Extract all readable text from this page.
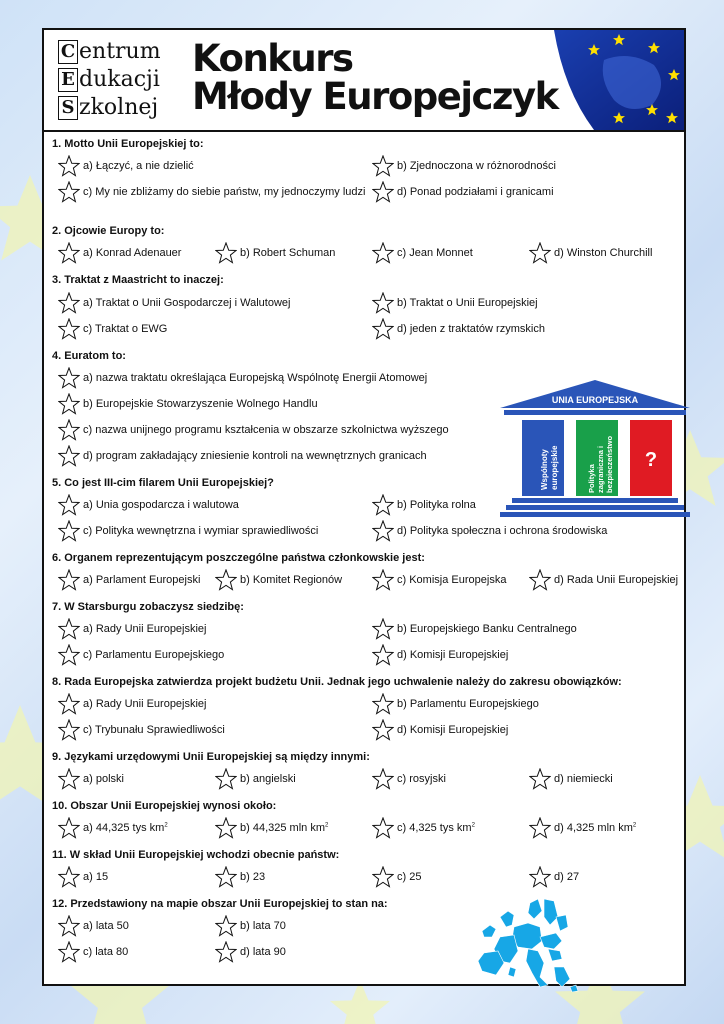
C entrum
E dukacji
S zkolnej
Konkurs
Młody Europejczyk
1. Motto Unii Europejskiej to:
a) Łączyć, a nie dzielić	b) Zjednoczona w różnorodności
c) My nie zbliżamy do siebie państw, my jednoczymy ludzi	d) Ponad podziałami i granicami
2. Ojcowie Europy to:
a) Konrad Adenauer	b) Robert Schuman	c) Jean Monnet	d) Winston Churchill
3. Traktat z Maastricht to inaczej:
a) Traktat o Unii Gospodarczej i Walutowej	b) Traktat o Unii Europejskiej
c) Traktat o EWG	d) jeden z traktatów rzymskich
4. Euratom to:
a) nazwa traktatu określająca Europejską Wspólnotę Energii Atomowej
b) Europejskie Stowarzyszenie Wolnego Handlu
c) nazwa unijnego programu kształcenia w obszarze szkolnictwa wyższego
d) program zakładający zniesienie kontroli na wewnętrznych granicach
UNIA EUROPEJSKA
Wspólnotyeuropejskie	Politykazagraniczna ibezpieczeństwo ?
5. Co jest III-cim filarem Unii Europejskiej?
a) Unia gospodarcza i walutowa	b) Polityka rolna
c) Polityka wewnętrzna i wymiar sprawiedliwości	d) Polityka społeczna i ochrona środowiska
6. Organem reprezentującym poszczególne państwa członkowskie jest:
a) Parlament Europejski	b) Komitet Regionów	c) Komisja Europejska	d) Rada Unii Europejskiej
7. W Starsburgu zobaczysz siedzibę:
a) Rady Unii Europejskiej	b) Europejskiego Banku Centralnego
c) Parlamentu Europejskiego	d) Komisji Europejskiej
8. Rada Europejska zatwierdza projekt budżetu Unii. Jednak jego uchwalenie należy do zakresu obowiązków:
a) Rady Unii Europejskiej	b) Parlamentu Europejskiego
c) Trybunału Sprawiedliwości	d) Komisji Europejskiej
9. Językami urzędowymi Unii Europejskiej są między innymi:
a) polski	b) angielski	c) rosyjski	d) niemiecki
10. Obszar Unii Europejskiej wynosi około:
a) 44,325 tys $km^2$	b) 44,325 mln $km^2$	c) 4,325 tys $km^2$	d) 4,325 mln $km^2$
11. W skład Unii Europejskiej wchodzi obecnie państw:
a) 15	b) 23	c) 25	d) 27
12. Przedstawiony na mapie obszar Unii Europejskiej to stan na:
a) lata 50	b) lata 70
c) lata 80	d) lata 90
